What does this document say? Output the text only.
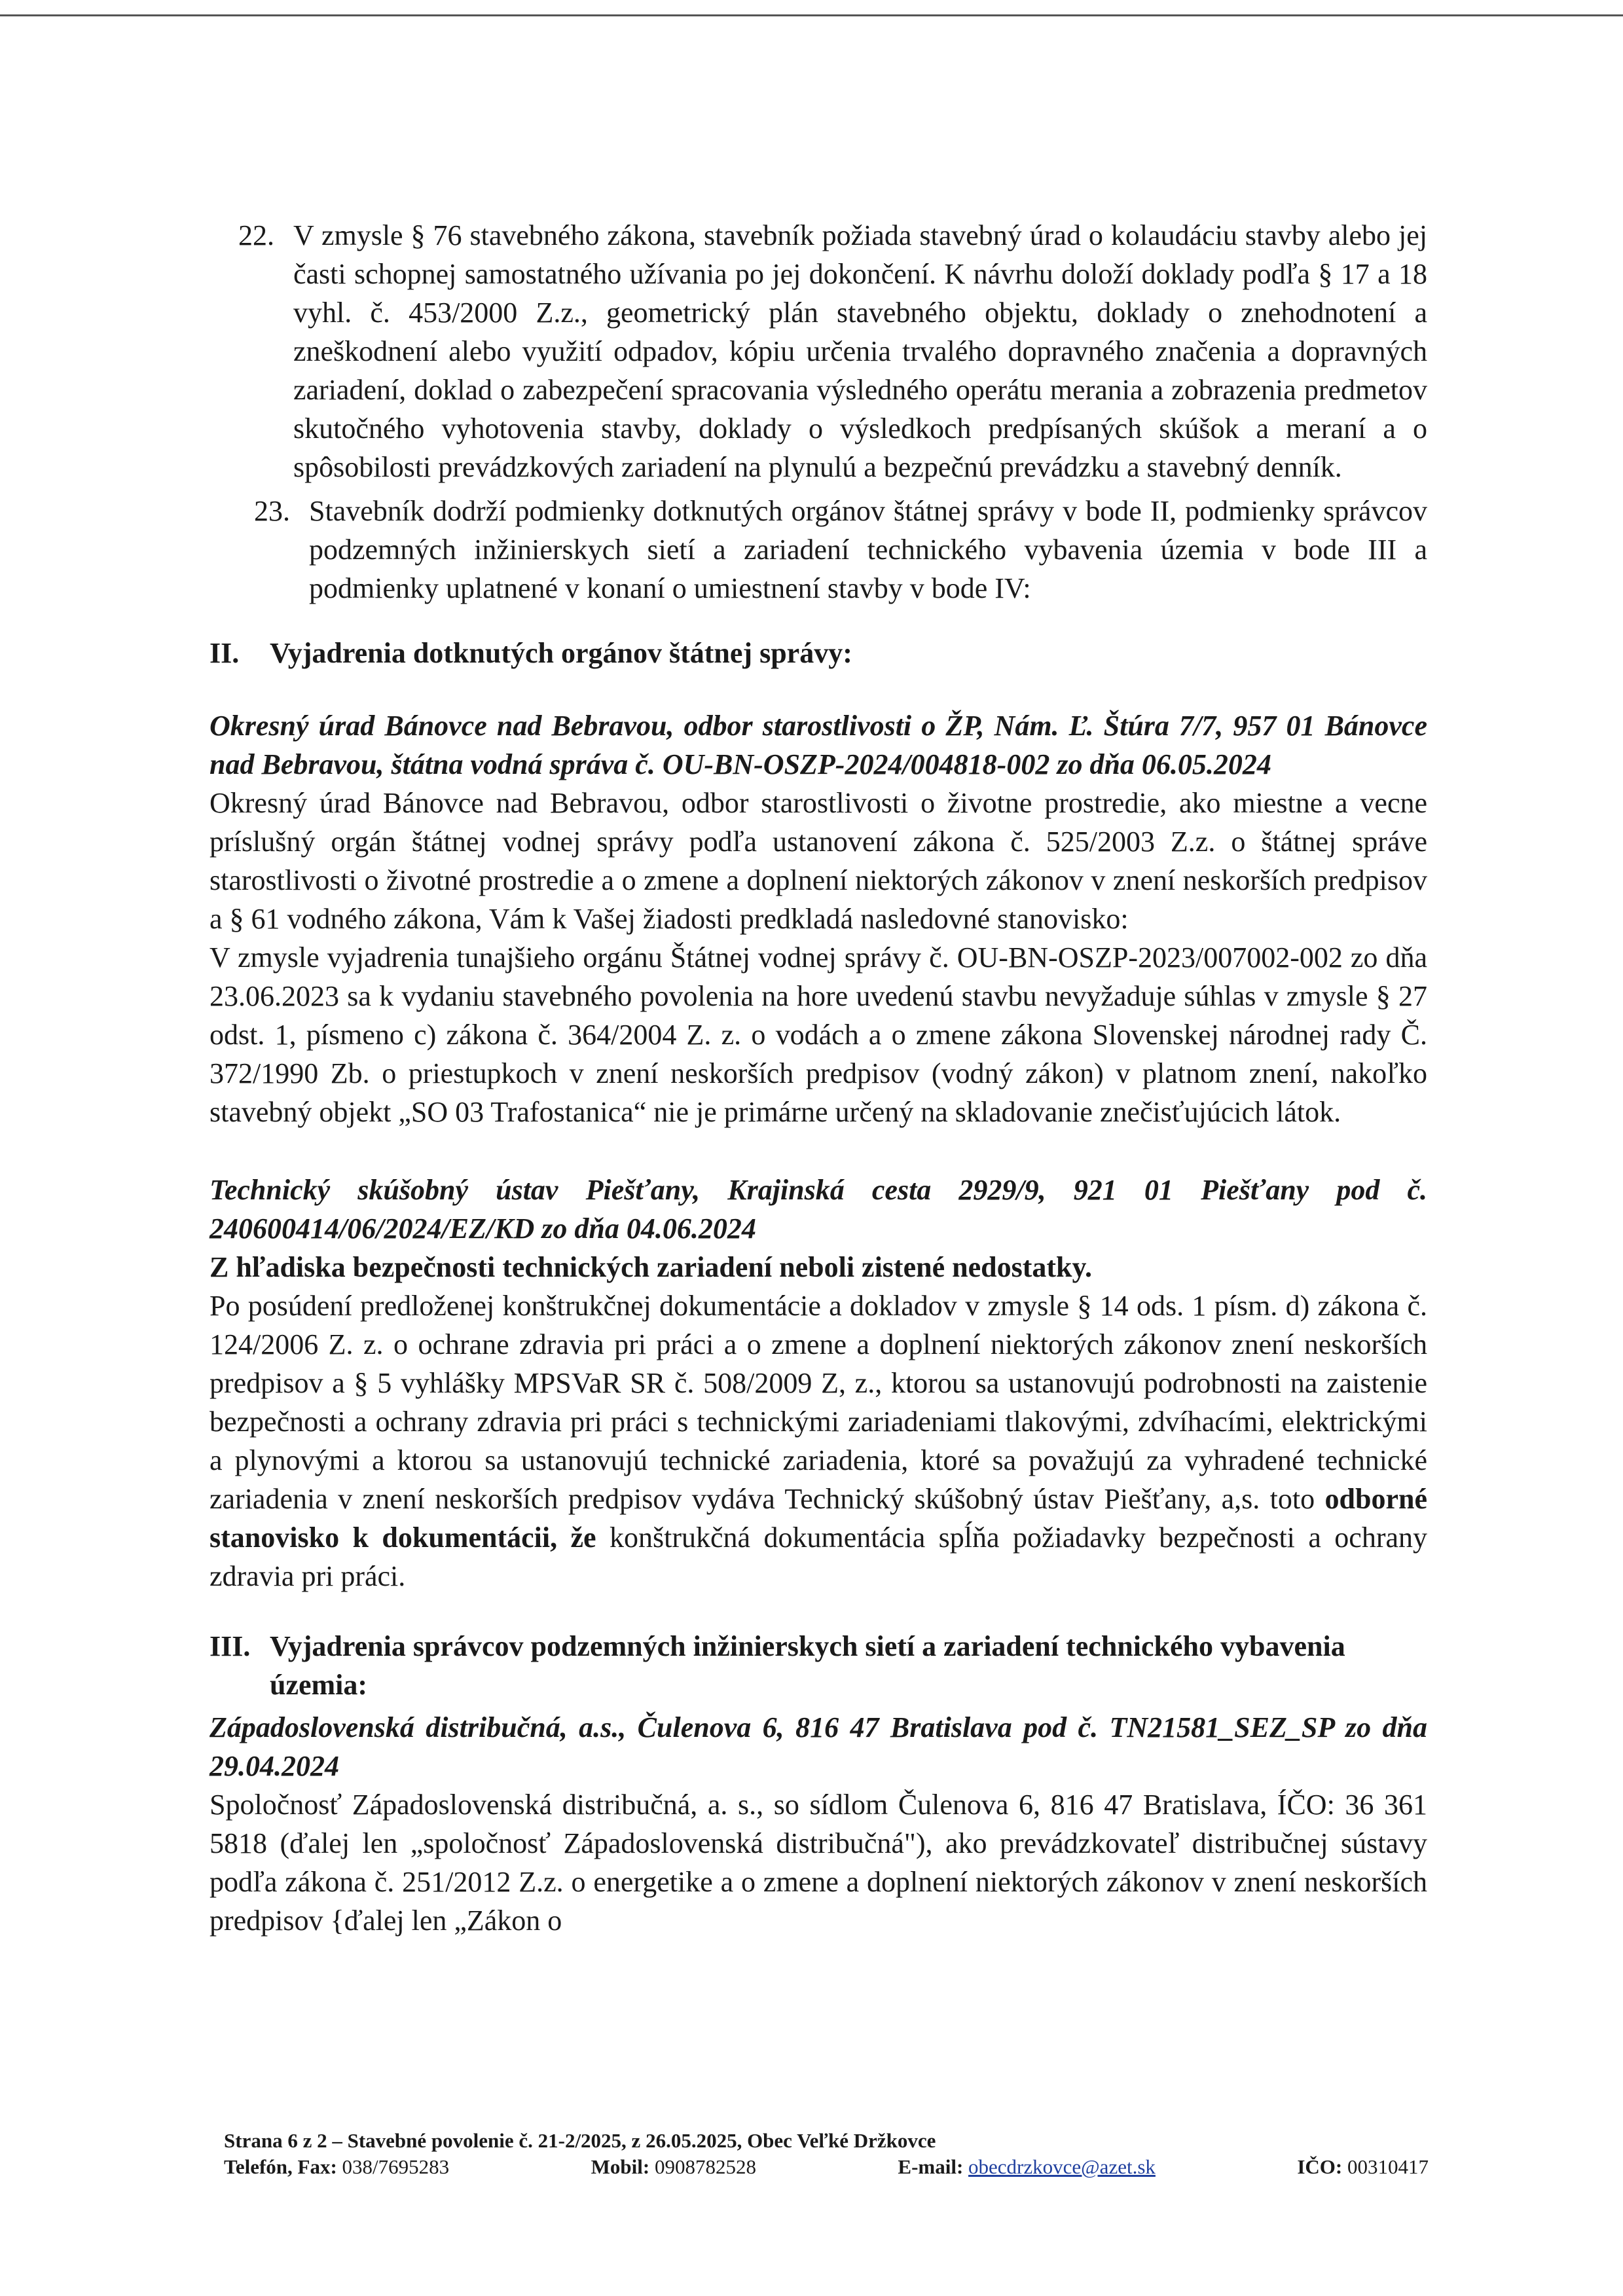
22. V zmysle § 76 stavebného zákona, stavebník požiada stavebný úrad o kolaudáciu stavby alebo jej časti schopnej samostatného užívania po jej dokončení. K návrhu doloží doklady podľa § 17 a 18 vyhl. č. 453/2000 Z.z., geometrický plán stavebného objektu, doklady o znehodnotení a zneškodnení alebo využití odpadov, kópiu určenia trvalého dopravného značenia a dopravných zariadení, doklad o zabezpečení spracovania výsledného operátu merania a zobrazenia predmetov skutočného vyhotovenia stavby, doklady o výsledkoch predpísaných skúšok a meraní a o spôsobilosti prevádzkových zariadení na plynulú a bezpečnú prevádzku a stavebný denník.
23. Stavebník dodrží podmienky dotknutých orgánov štátnej správy v bode II, podmienky správcov podzemných inžinierskych sietí a zariadení technického vybavenia územia v bode III a podmienky uplatnené v konaní o umiestnení stavby v bode IV:
II.	Vyjadrenia dotknutých orgánov štátnej správy:
Okresný úrad Bánovce nad Bebravou, odbor starostlivosti o ŽP, Nám. Ľ. Štúra 7/7, 957 01 Bánovce nad Bebravou, štátna vodná správa č. OU-BN-OSZP-2024/004818-002 zo dňa 06.05.2024
Okresný úrad Bánovce nad Bebravou, odbor starostlivosti o životne prostredie, ako miestne a vecne príslušný orgán štátnej vodnej správy podľa ustanovení zákona č. 525/2003 Z.z. o štátnej správe starostlivosti o životné prostredie a o zmene a doplnení niektorých zákonov v znení neskorších predpisov a § 61 vodného zákona, Vám k Vašej žiadosti predkladá nasledovné stanovisko:
V zmysle vyjadrenia tunajšieho orgánu Štátnej vodnej správy č. OU-BN-OSZP-2023/007002-002 zo dňa 23.06.2023 sa k vydaniu stavebného povolenia na hore uvedenú stavbu nevyžaduje súhlas v zmysle § 27 odst. 1, písmeno c) zákona č. 364/2004 Z. z. o vodách a o zmene zákona Slovenskej národnej rady Č. 372/1990 Zb. o priestupkoch v znení neskorších predpisov (vodný zákon) v platnom znení, nakoľko stavebný objekt „SO 03 Trafostanica“ nie je primárne určený na skladovanie znečisťujúcich látok.
Technický skúšobný ústav Piešťany, Krajinská cesta 2929/9, 921 01 Piešťany pod č. 240600414/06/2024/EZ/KD zo dňa 04.06.2024
Z hľadiska bezpečnosti technických zariadení neboli zistené nedostatky.
Po posúdení predloženej konštrukčnej dokumentácie a dokladov v zmysle § 14 ods. 1 písm. d) zákona č. 124/2006 Z. z. o ochrane zdravia pri práci a o zmene a doplnení niektorých zákonov znení neskorších predpisov a § 5 vyhlášky MPSVaR SR č. 508/2009 Z, z., ktorou sa ustanovujú podrobnosti na zaistenie bezpečnosti a ochrany zdravia pri práci s technickými zariadeniami tlakovými, zdvíhacími, elektrickými a plynovými a ktorou sa ustanovujú technické zariadenia, ktoré sa považujú za vyhradené technické zariadenia v znení neskorších predpisov vydáva Technický skúšobný ústav Piešťany, a,s. toto odborné stanovisko k dokumentácii, že konštrukčná dokumentácia spĺňa požiadavky bezpečnosti a ochrany zdravia pri práci.
III. Vyjadrenia správcov podzemných inžinierskych sietí a zariadení technického vybavenia územia:
Západoslovenská distribučná, a.s., Čulenova 6, 816 47 Bratislava pod č. TN21581_SEZ_SP zo dňa 29.04.2024
Spoločnosť Západoslovenská distribučná, a. s., so sídlom Čulenova 6, 816 47 Bratislava, ÍČO: 36 361 5818 (ďalej len „spoločnosť Západoslovenská distribučná"), ako prevádzkovateľ distribučnej sústavy podľa zákona č. 251/2012 Z.z. o energetike a o zmene a doplnení niektorých zákonov v znení neskorších predpisov {ďalej len „Zákon o
Strana 6 z 2 – Stavebné povolenie č. 21-2/2025, z 26.05.2025, Obec Veľké Držkovce
Telefón, Fax: 038/7695283	Mobil: 0908782528	E-mail: obecdrzkovce@azet.sk	IČO: 00310417
